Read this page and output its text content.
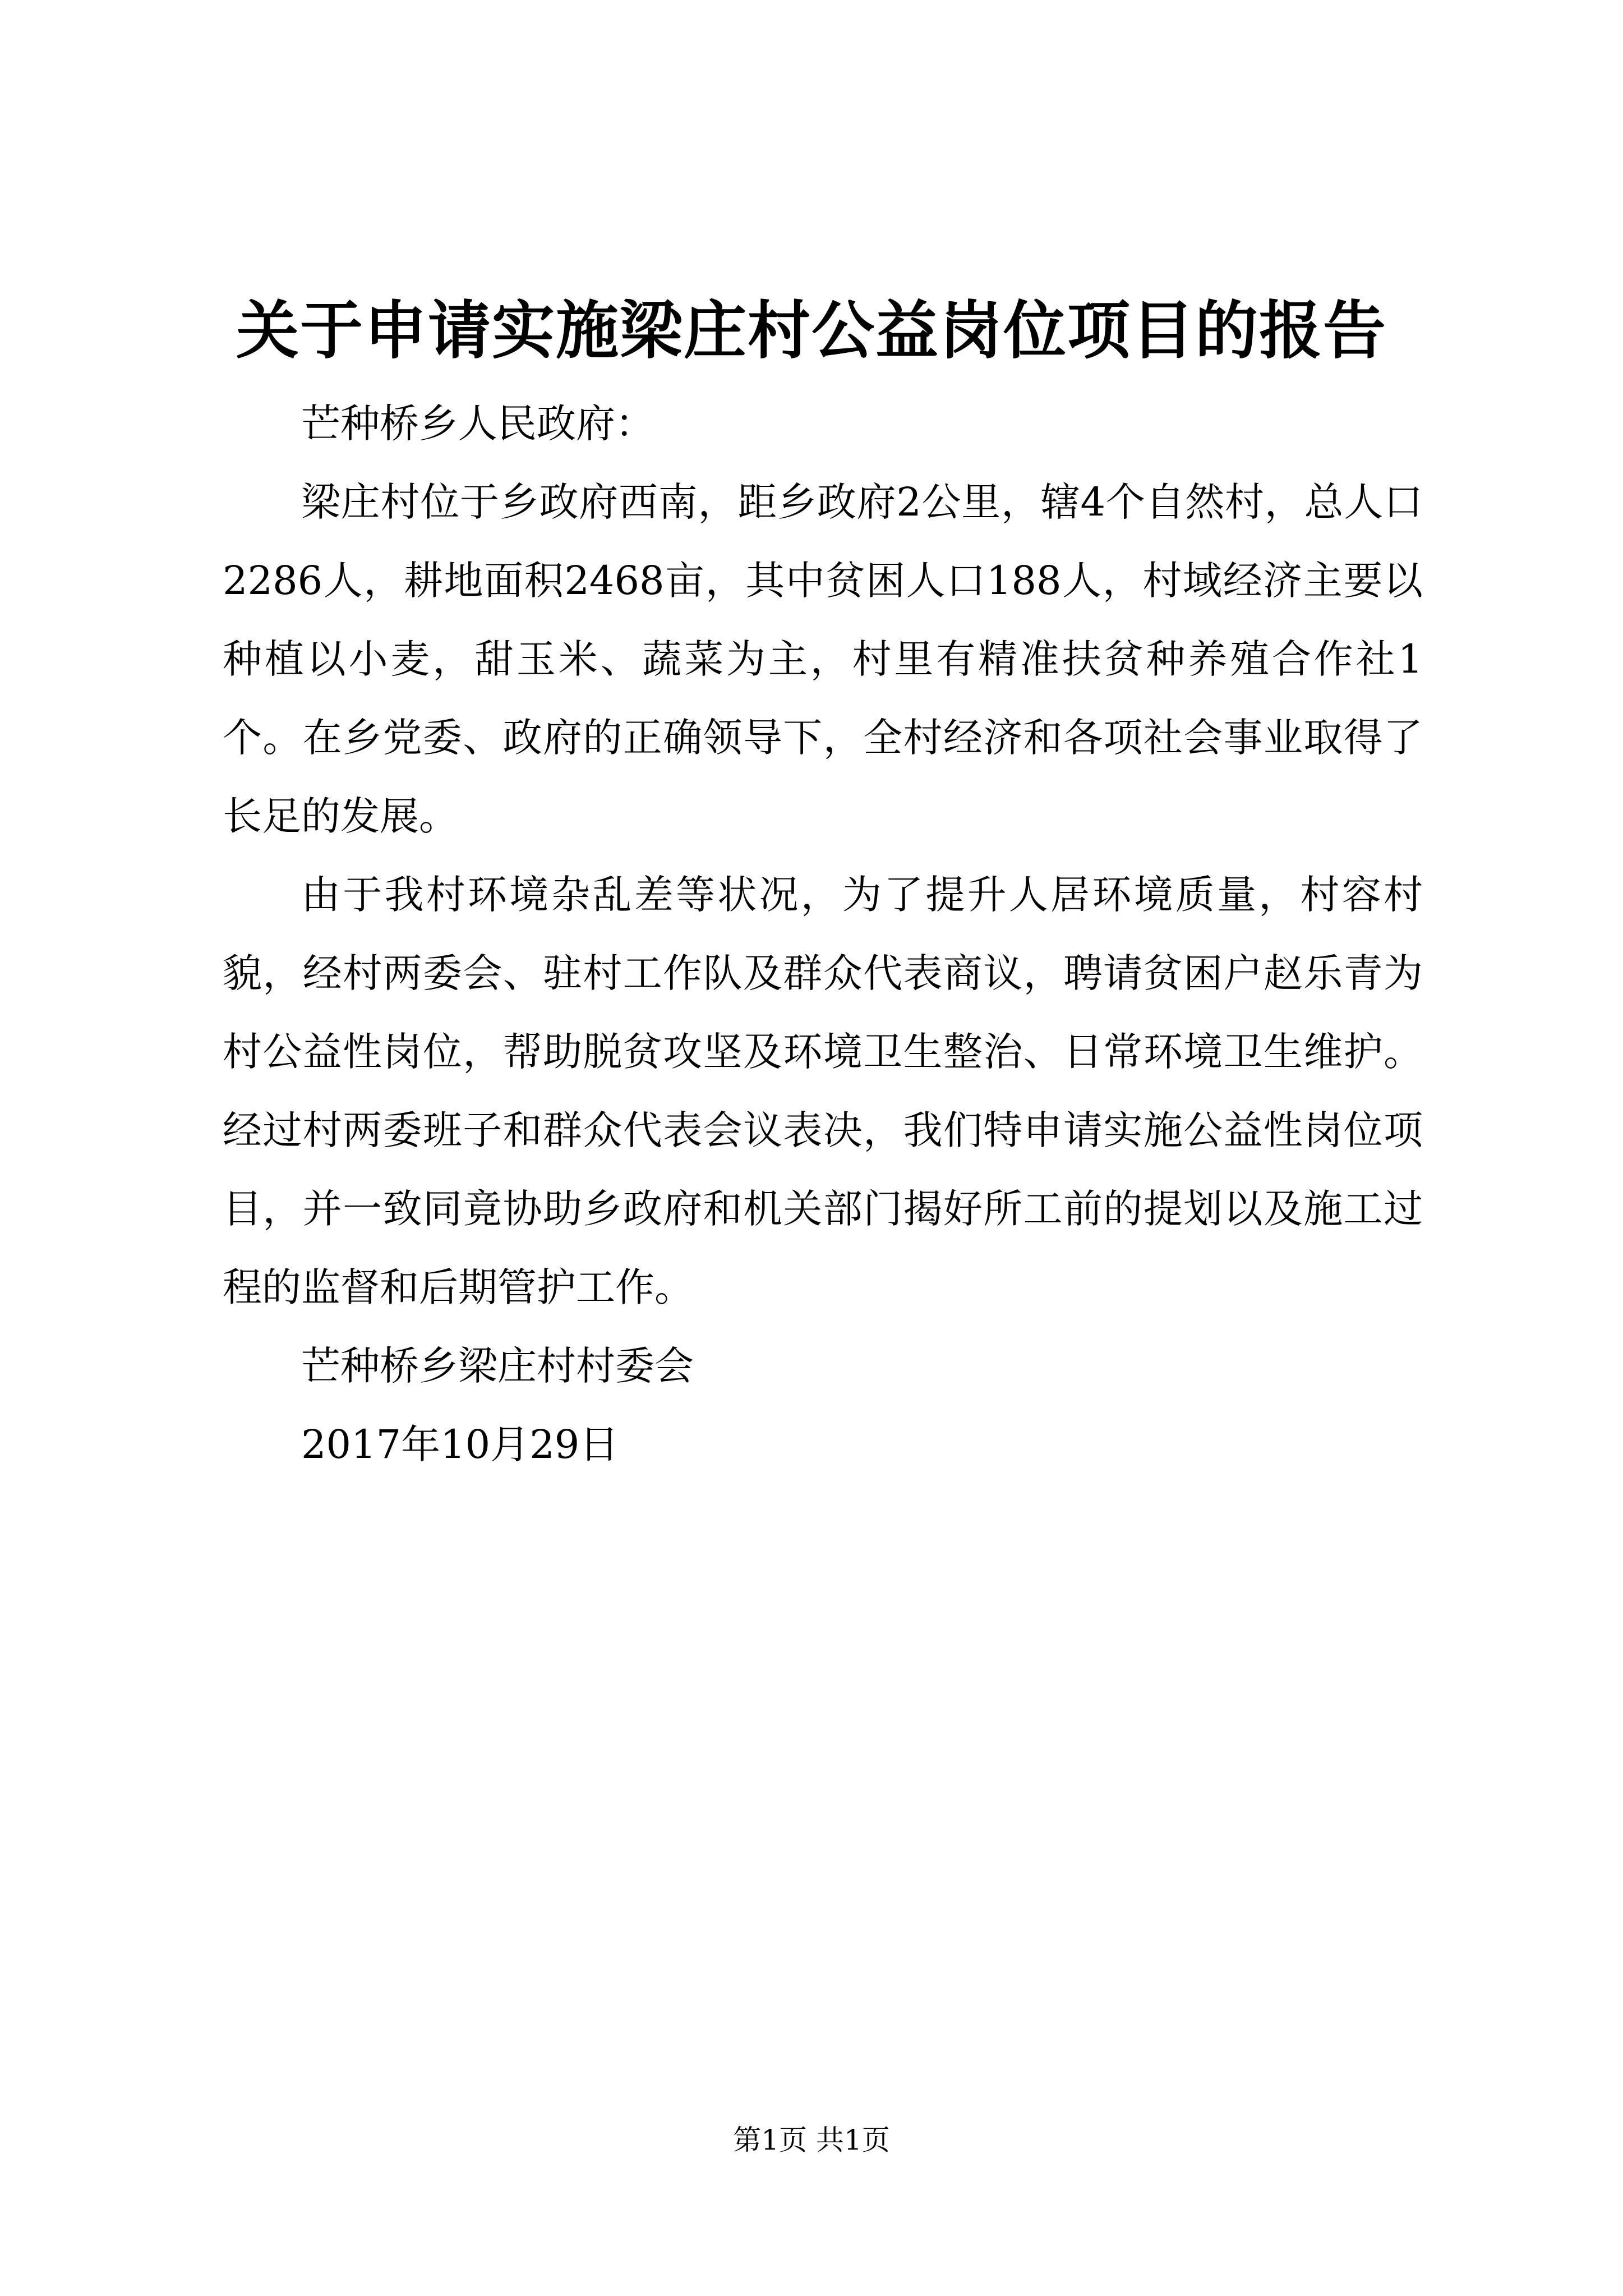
关于申请实施梁庄村公益岗位项目的报告

芒种桥乡人民政府：

梁庄村位于乡政府西南，距乡政府2公里，辖4个自然村，总人口2286人，耕地面积2468亩，其中贫困人口188人，村域经济主要以种植以小麦，甜玉米、蔬菜为主，村里有精准扶贫种养殖合作社1个。在乡党委、政府的正确领导下，全村经济和各项社会事业取得了长足的发展。

由于我村环境杂乱差等状况，为了提升人居环境质量，村容村貌，经村两委会、驻村工作队及群众代表商议，聘请贫困户赵乐青为村公益性岗位，帮助脱贫攻坚及环境卫生整治、日常环境卫生维护。经过村两委班子和群众代表会议表决，我们特申请实施公益性岗位项目，并一致同竟协助乡政府和机关部门揭好所工前的提划以及施工过程的监督和后期管护工作。

芒种桥乡梁庄村村委会

2017年10月29日

第1页 共1页
